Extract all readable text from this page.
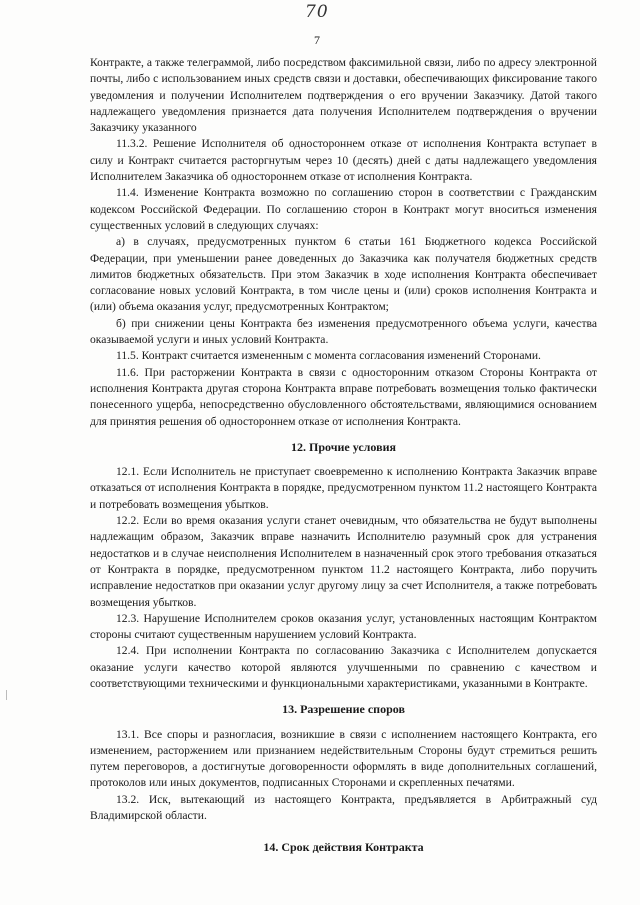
70
7

Контракте, а также телеграммой, либо посредством факсимильной связи, либо по адресу электронной почты, либо с использованием иных средств связи и доставки, обеспечивающих фиксирование такого уведомления и получении Исполнителем подтверждения о его вручении Заказчику. Датой такого надлежащего уведомления признается дата получения Исполнителем подтверждения о вручении Заказчику указанного

11.3.2. Решение Исполнителя об одностороннем отказе от исполнения Контракта вступает в силу и Контракт считается расторгнутым через 10 (десять) дней с даты надлежащего уведомления Исполнителем Заказчика об одностороннем отказе от исполнения Контракта.

11.4. Изменение Контракта возможно по соглашению сторон в соответствии с Гражданским кодексом Российской Федерации. По соглашению сторон в Контракт могут вноситься изменения существенных условий в следующих случаях:

а) в случаях, предусмотренных пунктом 6 статьи 161 Бюджетного кодекса Российской Федерации, при уменьшении ранее доведенных до Заказчика как получателя бюджетных средств лимитов бюджетных обязательств. При этом Заказчик в ходе исполнения Контракта обеспечивает согласование новых условий Контракта, в том числе цены и (или) сроков исполнения Контракта и (или) объема оказания услуг, предусмотренных Контрактом;

б) при снижении цены Контракта без изменения предусмотренного объема услуги, качества оказываемой услуги и иных условий Контракта.

11.5. Контракт считается измененным с момента согласования изменений Сторонами.

11.6. При расторжении Контракта в связи с односторонним отказом Стороны Контракта от исполнения Контракта другая сторона Контракта вправе потребовать возмещения только фактически понесенного ущерба, непосредственно обусловленного обстоятельствами, являющимися основанием для принятия решения об одностороннем отказе от исполнения Контракта.

12. Прочие условия

12.1. Если Исполнитель не приступает своевременно к исполнению Контракта Заказчик вправе отказаться от исполнения Контракта в порядке, предусмотренном пунктом 11.2 настоящего Контракта и потребовать возмещения убытков.

12.2. Если во время оказания услуги станет очевидным, что обязательства не будут выполнены надлежащим образом, Заказчик вправе назначить Исполнителю разумный срок для устранения недостатков и в случае неисполнения Исполнителем в назначенный срок этого требования отказаться от Контракта в порядке, предусмотренном пунктом 11.2 настоящего Контракта, либо поручить исправление недостатков при оказании услуг другому лицу за счет Исполнителя, а также потребовать возмещения убытков.

12.3. Нарушение Исполнителем сроков оказания услуг, установленных настоящим Контрактом стороны считают существенным нарушением условий Контракта.

12.4. При исполнении Контракта по согласованию Заказчика с Исполнителем допускается оказание услуги качество которой являются улучшенными по сравнению с качеством и соответствующими техническими и функциональными характеристиками, указанными в Контракте.

13. Разрешение споров

13.1. Все споры и разногласия, возникшие в связи с исполнением настоящего Контракта, его изменением, расторжением или признанием недействительным Стороны будут стремиться решить путем переговоров, а достигнутые договоренности оформлять в виде дополнительных соглашений, протоколов или иных документов, подписанных Сторонами и скрепленных печатями.

13.2. Иск, вытекающий из настоящего Контракта, предъявляется в Арбитражный суд Владимирской области.

14. Срок действия Контракта
